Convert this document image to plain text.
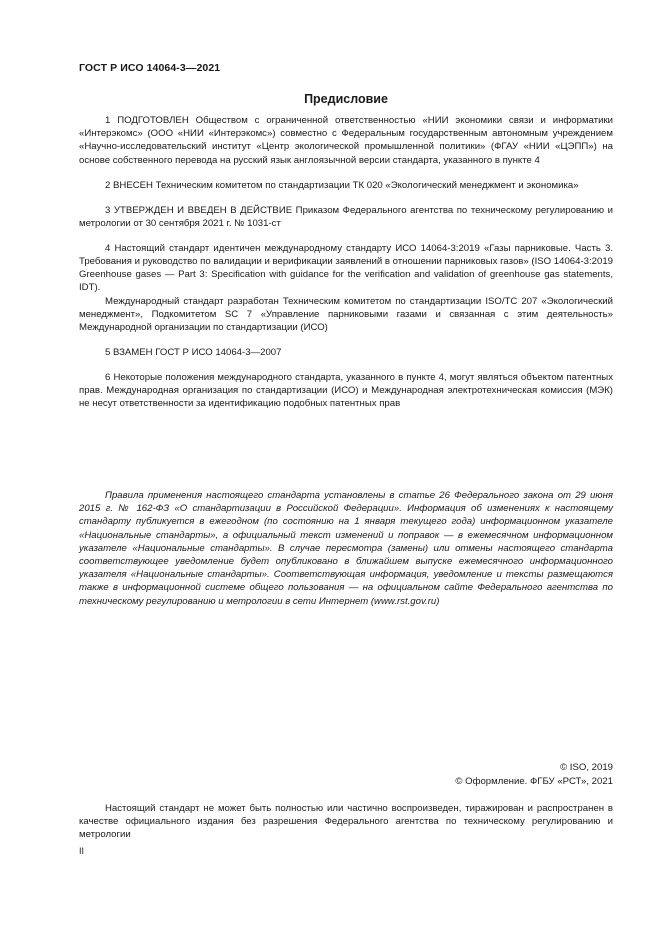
ГОСТ Р ИСО 14064-3—2021
Предисловие

1 ПОДГОТОВЛЕН Обществом с ограниченной ответственностью «НИИ экономики связи и информатики «Интерэкомс» (ООО «НИИ «Интерэкомс») совместно с Федеральным государственным автономным учреждением «Научно-исследовательский институт «Центр экологической промышленной политики» (ФГАУ «НИИ «ЦЭПП») на основе собственного перевода на русский язык англоязычной версии стандарта, указанного в пункте 4

2 ВНЕСЕН Техническим комитетом по стандартизации ТК 020 «Экологический менеджмент и экономика»

3 УТВЕРЖДЕН И ВВЕДЕН В ДЕЙСТВИЕ Приказом Федерального агентства по техническому регулированию и метрологии от 30 сентября 2021 г. № 1031-ст

4 Настоящий стандарт идентичен международному стандарту ИСО 14064-3:2019 «Газы парниковые. Часть 3. Требования и руководство по валидации и верификации заявлений в отношении парниковых газов» (ISO 14064-3:2019 Greenhouse gases — Part 3: Specification with guidance for the verification and validation of greenhouse gas statements, IDT).

Международный стандарт разработан Техническим комитетом по стандартизации ISO/TC 207 «Экологический менеджмент», Подкомитетом SC 7 «Управление парниковыми газами и связанная с этим деятельность» Международной организации по стандартизации (ИСО)

5 ВЗАМЕН ГОСТ Р ИСО 14064-3—2007

6 Некоторые положения международного стандарта, указанного в пункте 4, могут являться объектом патентных прав. Международная организация по стандартизации (ИСО) и Международная электротехническая комиссия (МЭК) не несут ответственности за идентификацию подобных патентных прав

Правила применения настоящего стандарта установлены в статье 26 Федерального закона от 29 июня 2015 г. № 162-ФЗ «О стандартизации в Российской Федерации». Информация об изменениях к настоящему стандарту публикуется в ежегодном (по состоянию на 1 января текущего года) информационном указателе «Национальные стандарты», а официальный текст изменений и поправок — в ежемесячном информационном указателе «Национальные стандарты». В случае пересмотра (замены) или отмены настоящего стандарта соответствующее уведомление будет опубликовано в ближайшем выпуске ежемесячного информационного указателя «Национальные стандарты». Соответствующая информация, уведомление и тексты размещаются также в информационной системе общего пользования — на официальном сайте Федерального агентства по техническому регулированию и метрологии в сети Интернет (www.rst.gov.ru)

© ISO, 2019
© Оформление. ФГБУ «РСТ», 2021

Настоящий стандарт не может быть полностью или частично воспроизведен, тиражирован и распространен в качестве официального издания без разрешения Федерального агентства по техническому регулированию и метрологии

II
